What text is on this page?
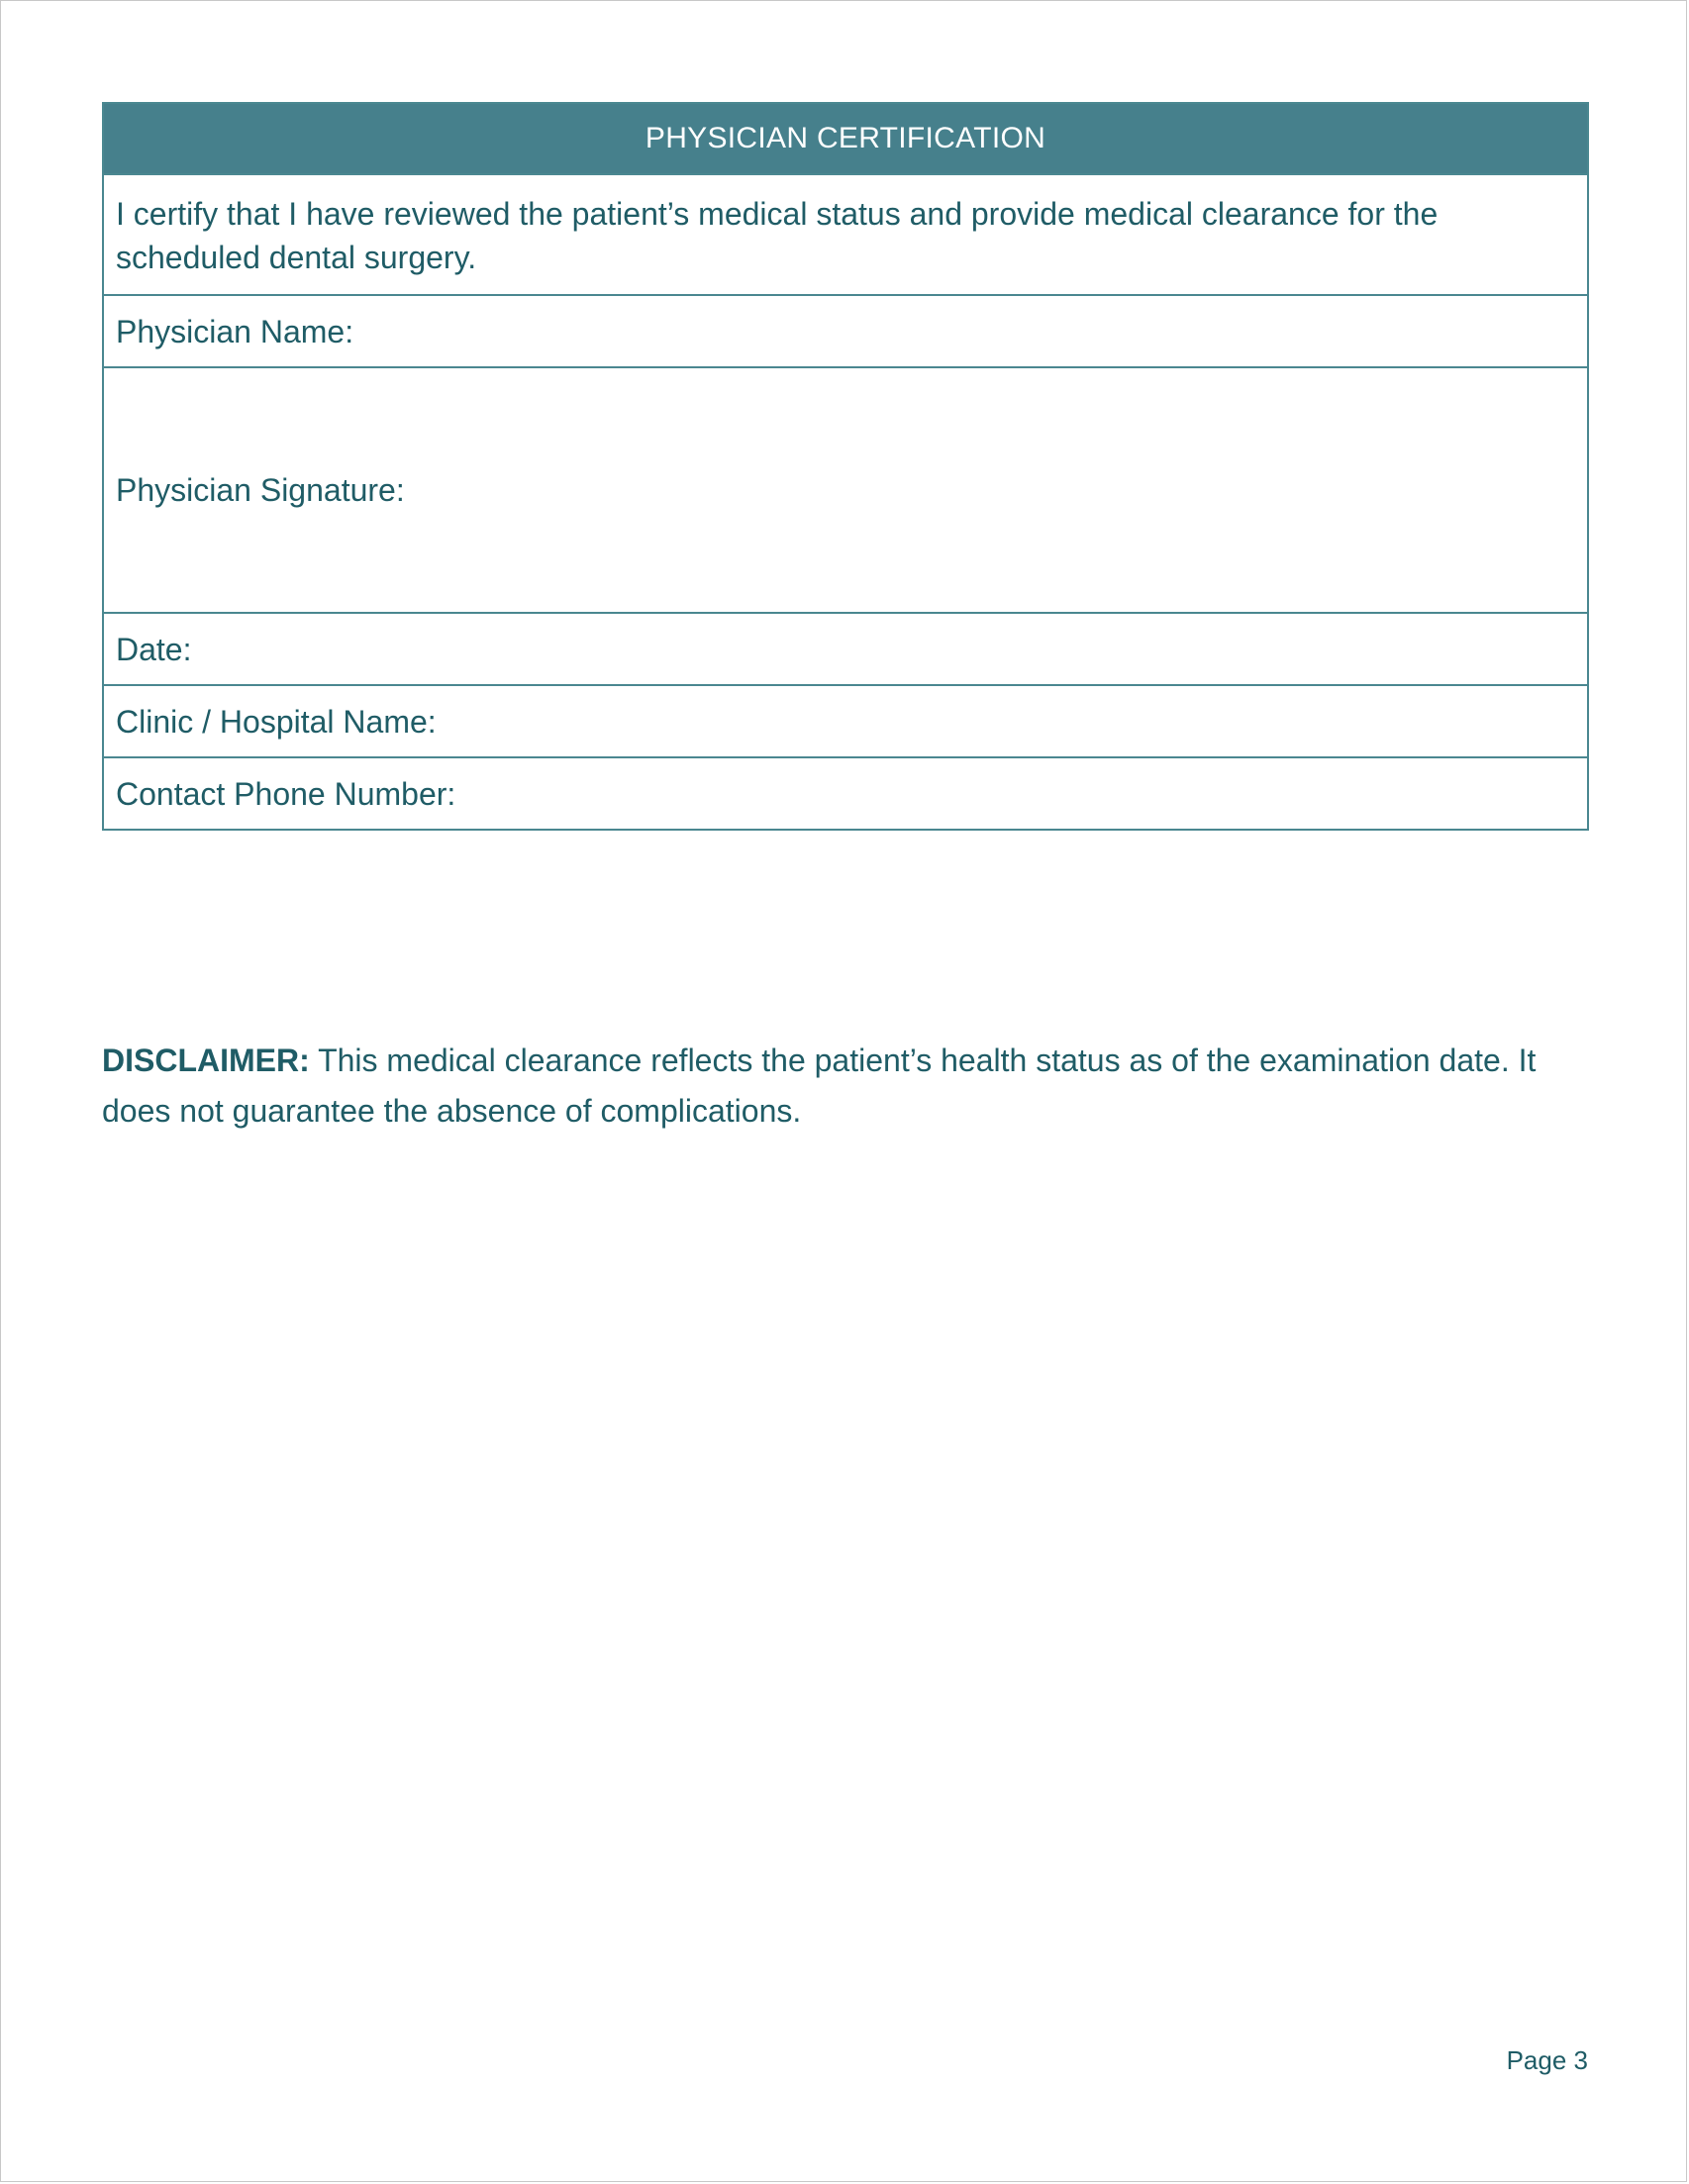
PHYSICIAN CERTIFICATION
I certify that I have reviewed the patient’s medical status and provide medical clearance for the scheduled dental surgery.
Physician Name:
Physician Signature:
Date:
Clinic / Hospital Name:
Contact Phone Number:

DISCLAIMER: This medical clearance reflects the patient’s health status as of the examination date. It does not guarantee the absence of complications.

Page 3
